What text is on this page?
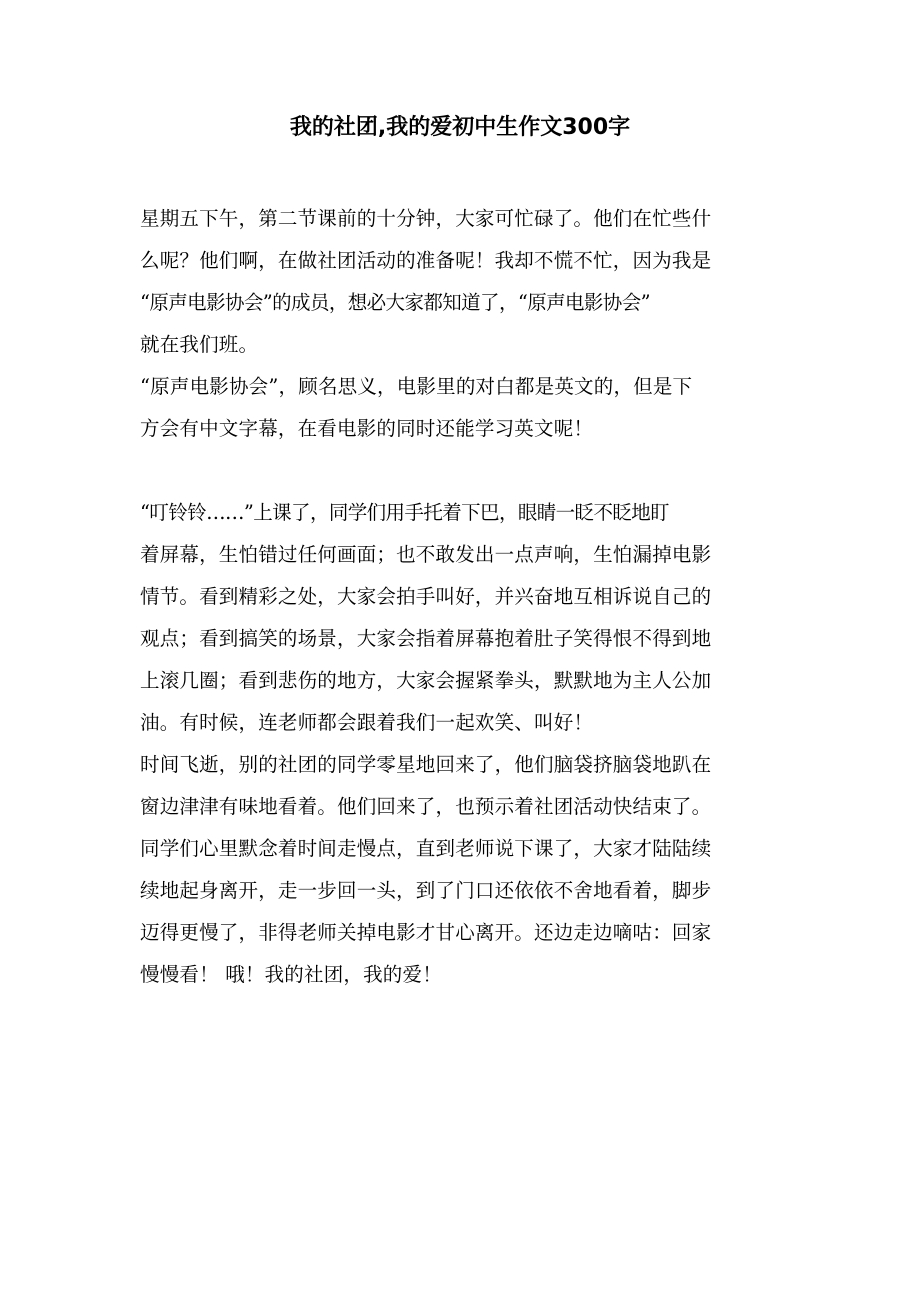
我的社团,我的爱初中生作文300字
星期五下午，第二节课前的十分钟，大家可忙碌了。他们在忙些什
么呢？他们啊，在做社团活动的准备呢！我却不慌不忙，因为我是
“原声电影协会”的成员，想必大家都知道了，“原声电影协会”
就在我们班。
“原声电影协会”，顾名思义，电影里的对白都是英文的，但是下
方会有中文字幕，在看电影的同时还能学习英文呢！
“叮铃铃……”上课了，同学们用手托着下巴，眼睛一眨不眨地盯
着屏幕，生怕错过任何画面；也不敢发出一点声响，生怕漏掉电影
情节。看到精彩之处，大家会拍手叫好，并兴奋地互相诉说自己的
观点；看到搞笑的场景，大家会指着屏幕抱着肚子笑得恨不得到地
上滚几圈；看到悲伤的地方，大家会握紧拳头，默默地为主人公加
油。有时候，连老师都会跟着我们一起欢笑、叫好！
时间飞逝，别的社团的同学零星地回来了，他们脑袋挤脑袋地趴在
窗边津津有味地看着。他们回来了，也预示着社团活动快结束了。
同学们心里默念着时间走慢点，直到老师说下课了，大家才陆陆续
续地起身离开，走一步回一头，到了门口还依依不舍地看着，脚步
迈得更慢了，非得老师关掉电影才甘心离开。还边走边嘀咕：回家
慢慢看！ 哦！我的社团，我的爱！
